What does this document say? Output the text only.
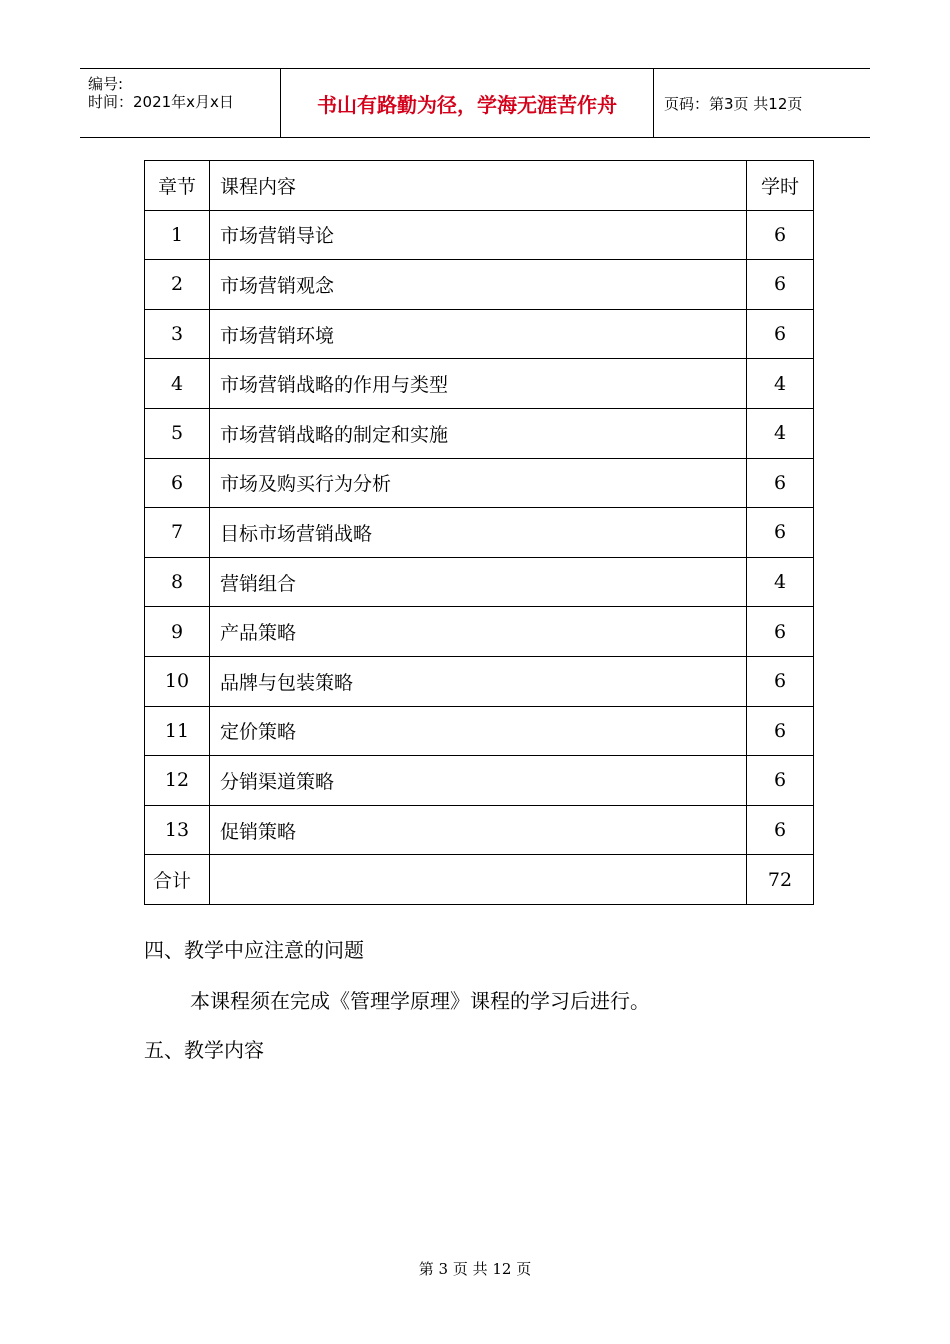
编号:
时间：2021年x月x日	书山有路勤为径，学海无涯苦作舟	页码：第3页 共12页
章节	课程内容	学时
1	市场营销导论	6
2	市场营销观念	6
3	市场营销环境	6
4	市场营销战略的作用与类型	4
5	市场营销战略的制定和实施	4
6	市场及购买行为分析	6
7	目标市场营销战略	6
8	营销组合	4
9	产品策略	6
10	品牌与包装策略	6
11	定价策略	6
12	分销渠道策略	6
13	促销策略	6
合计		72
四、教学中应注意的问题
本课程须在完成《管理学原理》课程的学习后进行。
五、教学内容
第 3 页 共 12 页
